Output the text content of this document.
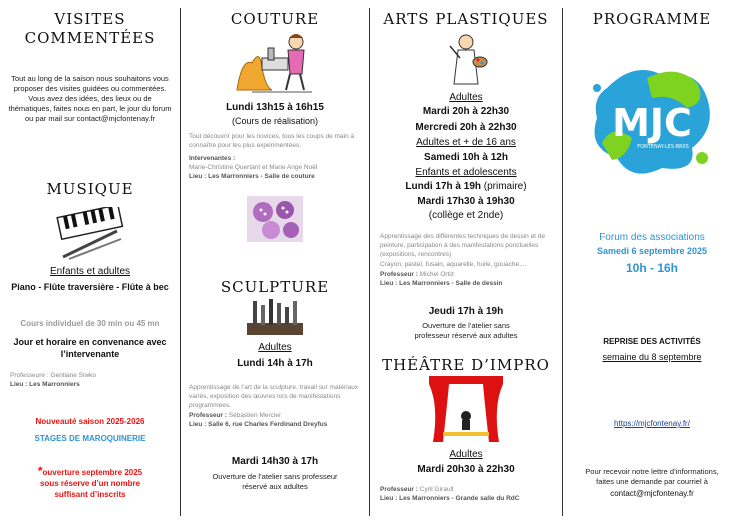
VISITES
COMMENTÉES
Tout au long de la saison nous souhaitons vous proposer des visites guidées ou commentées. Vous avez des idées, des lieux ou de thématiques, faites nous en part, le jour du forum ou par mail sur contact@mjcfontenay.fr
MUSIQUE
Enfants et adultes
Piano - Flûte traversière - Flûte à bec
Cours individuel de 30 min ou 45 mn
Jour et horaire en convenance avec l’intervenante
Professeure : Gentiane Siwko
Lieu : Les Marronniers
Nouveauté saison 2025-2026
STAGES DE MAROQUINERIE
*ouverture septembre 2025
sous réserve d’un nombre
suffisant d’inscrits
COUTURE
Lundi 13h15 à 16h15
(Cours de réalisation)
Tout découvrir pour les novices, tous les coups de main à connaître pour les plus expérimentées.
Intervenantes :
Marie-Christine Quertant et Marie Ange Noël
Lieu : Les Marronniers - Salle de couture
SCULPTURE
Adultes
Lundi 14h à 17h
Apprentissage de l’art de la sculpture, travail sur matériaux variés, exposition des œuvres lors de manifestations programmées.
Professeur : Sébastien Mercier
Lieu : Salle 6, rue Charles Ferdinand Dreyfus
Mardi 14h30 à 17h
Ouverture de l’atelier sans professeur réservé aux adultes
ARTS PLASTIQUES
Adultes
Mardi 20h à 22h30
Mercredi 20h à 22h30
Adultes et + de 16 ans
Samedi 10h à 12h
Enfants et adolescents
Lundi 17h à 19h (primaire)
Mardi 17h30 à 19h30
(collège et 2nde)
Apprentissage des différentes techniques de dessin et de peinture, participation à des manifestations ponctuelles (expositions, rencontres)
Crayon, pastel, fusain, aquarelle, huile, gouache,...
Professeur : Michel Ortiz
Lieu : Les Marronniers - Salle de dessin
Jeudi 17h à 19h
Ouverture de l’atelier sans professeur réservé aux adultes
THÉÂTRE D’IMPRO
Adultes
Mardi 20h30 à 22h30
Professeur : Cyril Girault
Lieu : Les Marronniers - Grande salle du RdC
PROGRAMME
MJC
FONTENAY-LES-BRIIS
Forum des associations
Samedi 6 septembre 2025
10h - 16h
REPRISE DES ACTIVITÉS
semaine du 8 septembre
https://mjcfontenay.fr/
Pour recevoir notre lettre d’informations, faites une demande par courriel à
contact@mjcfontenay.fr
